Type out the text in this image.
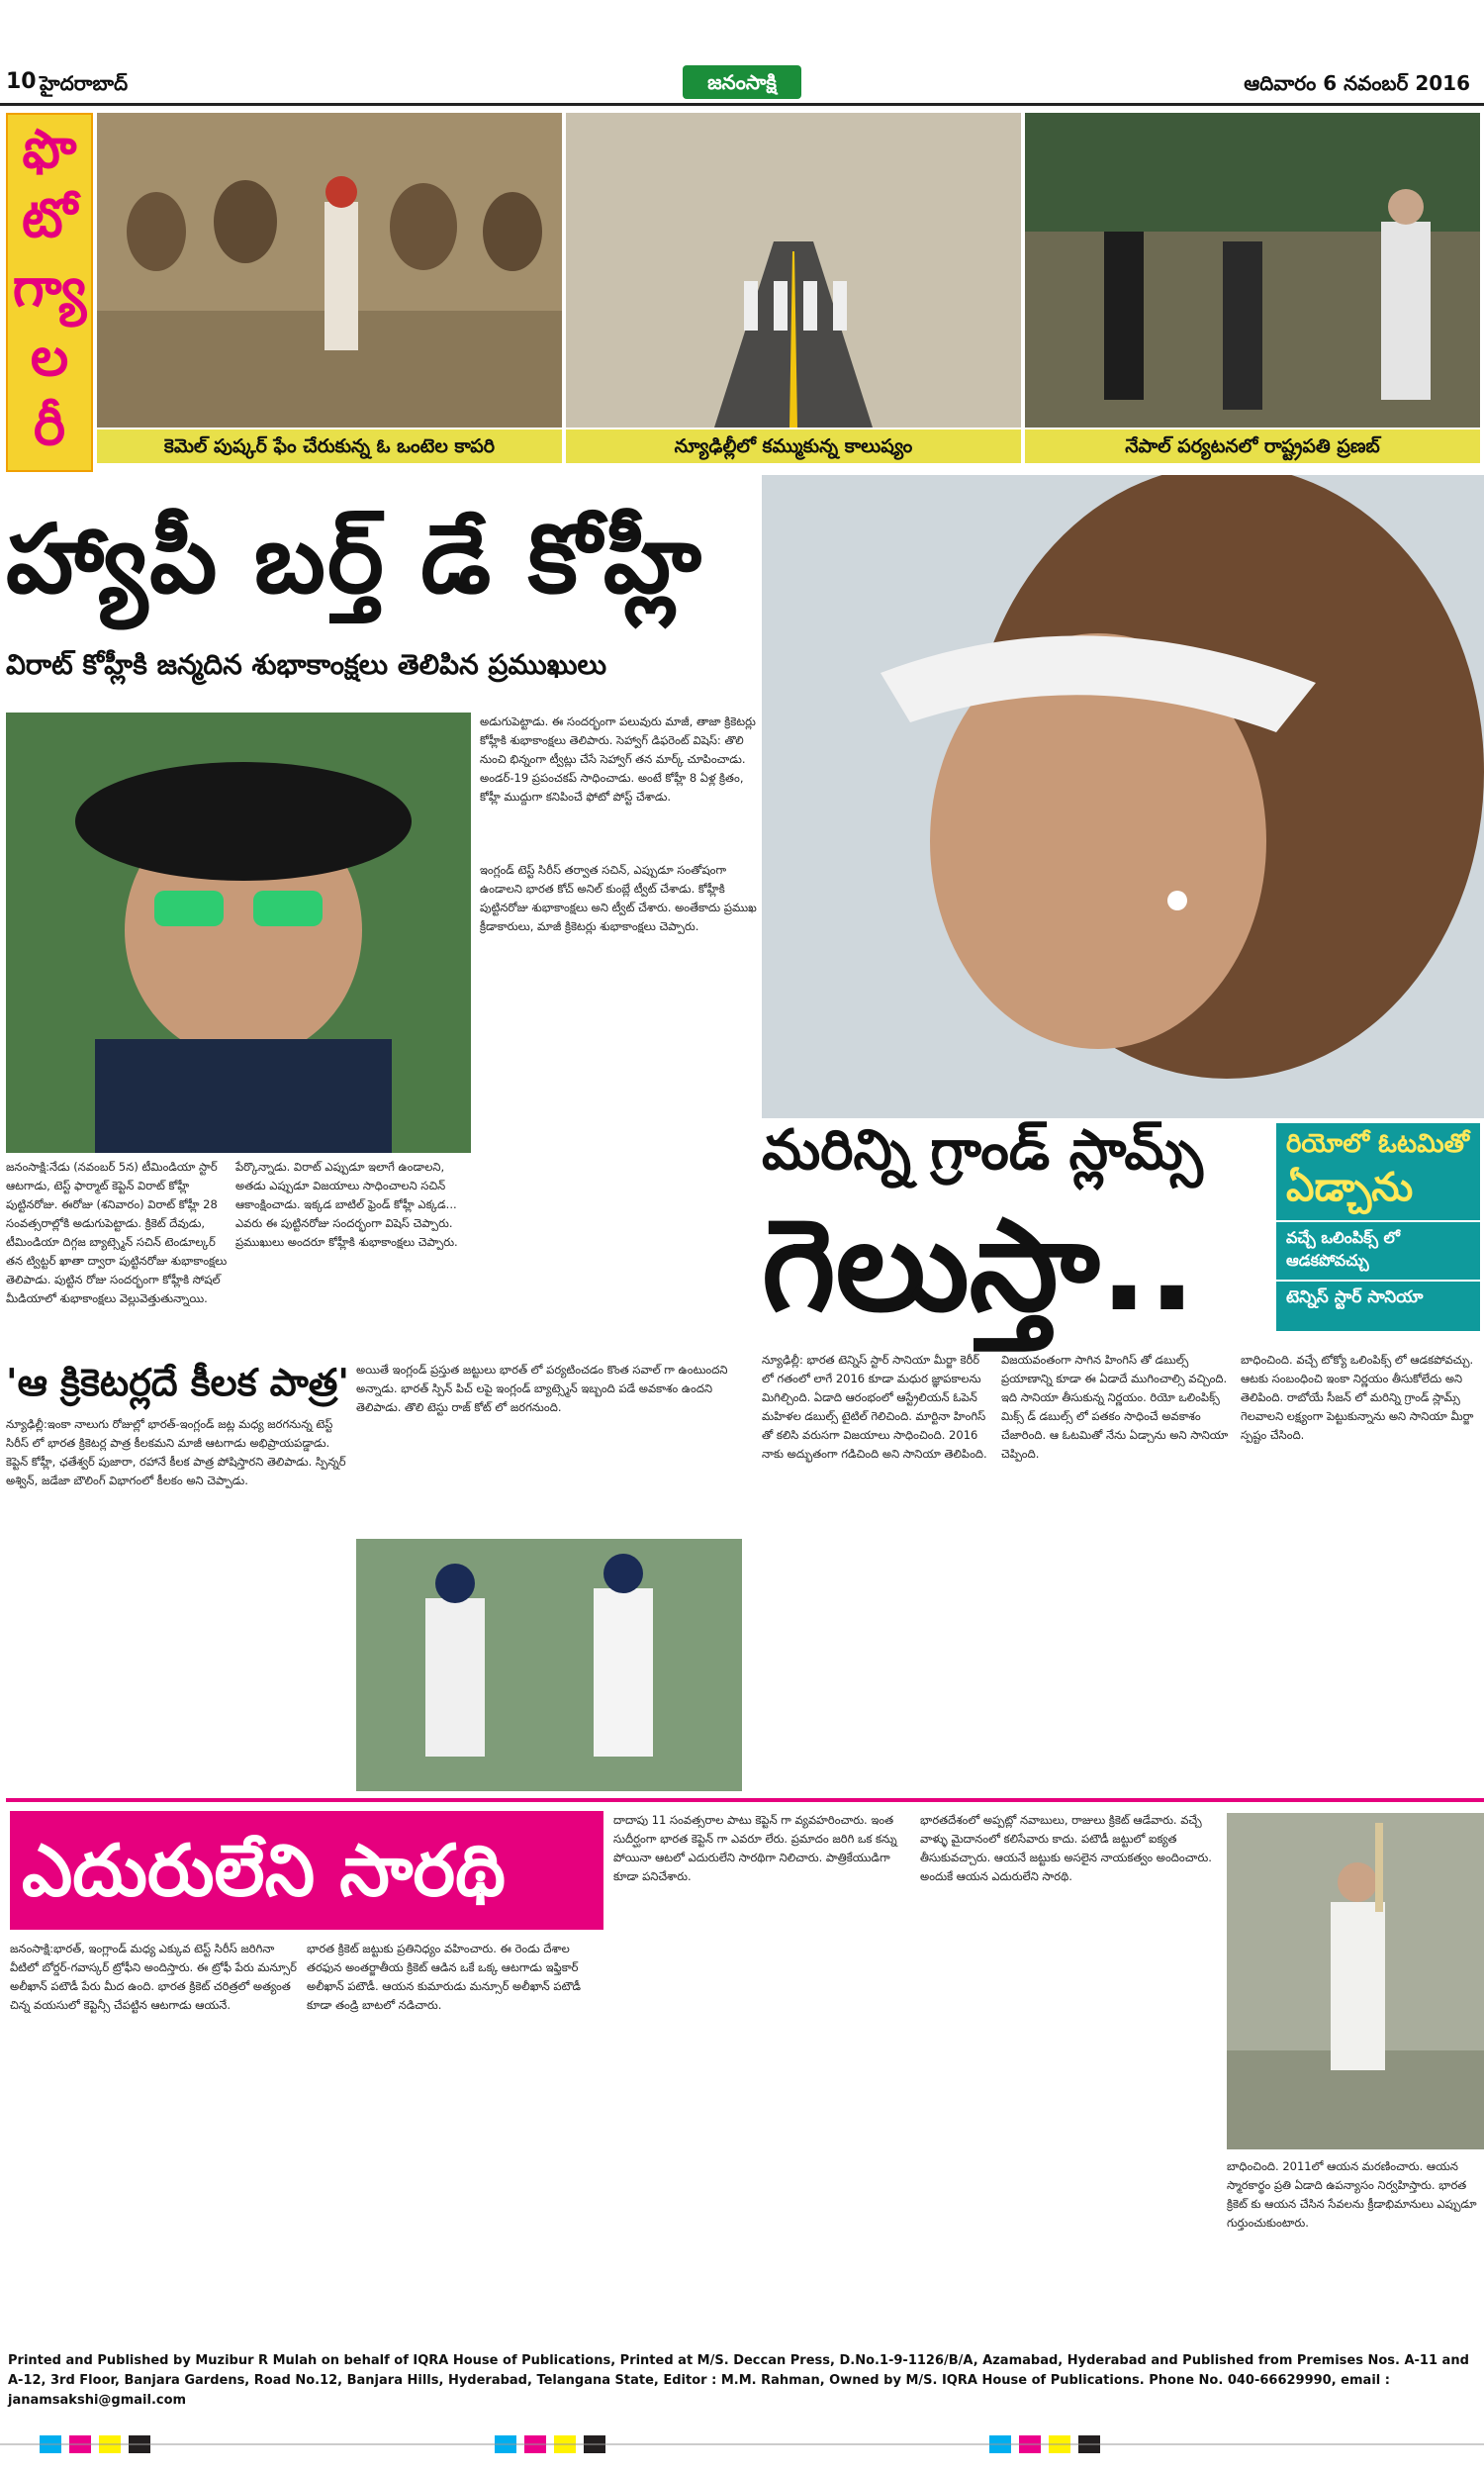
10 హైదరాబాద్	జనంసాక్షి	ఆదివారం 6 నవంబర్ 2016
ఫొ
టో
గ్యా
ల
రీ	కెమెల్ పుష్కర్ ఫేం చేరుకున్న ఓ ఒంటెల కాపరి	న్యూఢిల్లీలో కమ్ముకున్న కాలుష్యం	నేపాల్ పర్యటనలో రాష్ట్రపతి ప్రణబ్
హ్యాపీ బర్త్ డే కోహ్లీ
విరాట్ కోహ్లీకి జన్మదిన శుభాకాంక్షలు తెలిపిన ప్రముఖులు
అడుగుపెట్టాడు. ఈ సందర్భంగా పలువురు మాజీ, తాజా క్రికెటర్లు కోహ్లీకి శుభాకాంక్షలు తెలిపారు. సెహ్వాగ్ డిఫరెంట్ విషెస్: తొలి నుంచి భిన్నంగా ట్వీట్లు చేసే సెహ్వాగ్ తన మార్క్ చూపించాడు. అండర్-19 ప్రపంచకప్ సాధించాడు. అంటే కోహ్లీ 8 ఏళ్ల క్రితం, కోహ్లీ ముద్దుగా కనిపించే ఫోటో పోస్ట్ చేశాడు.
జనంసాక్షి:నేడు (నవంబర్ 5న) టీమిండియా స్టార్ ఆటగాడు, టెస్ట్ ఫార్మాట్ కెప్టెన్ విరాట్ కోహ్లీ పుట్టినరోజు. ఈరోజు (శనివారం) విరాట్ కోహ్లీ 28 సంవత్సరాల్లోకి అడుగుపెట్టాడు. క్రికెట్ దేవుడు, టీమిండియా దిగ్గజ బ్యాట్స్మెన్ సచిన్ టెండూల్కర్ తన ట్విట్టర్ ఖాతా ద్వారా పుట్టినరోజు శుభాకాంక్షలు తెలిపాడు. పుట్టిన రోజు సందర్భంగా కోహ్లీకి సోషల్ మీడియాలో శుభాకాంక్షలు వెల్లువెత్తుతున్నాయి.
పేర్కొన్నాడు. విరాట్ ఎప్పుడూ ఇలాగే ఉండాలని, అతడు ఎప్పుడూ విజయాలు సాధించాలని సచిన్ ఆకాంక్షించాడు. ఇక్కడ బాటిల్ ఫ్రెండ్ కోహ్లీ ఎక్కడ... ఎవరు ఈ పుట్టినరోజు సందర్భంగా విషెస్ చెప్పారు. ప్రముఖులు అందరూ కోహ్లీకి శుభాకాంక్షలు చెప్పారు.
ఇంగ్లండ్ టెస్ట్ సిరీస్ తర్వాత సచిన్, ఎప్పుడూ సంతోషంగా ఉండాలని భారత కోచ్ అనిల్ కుంబ్లే ట్వీట్ చేశాడు. కోహ్లీకి పుట్టినరోజు శుభాకాంక్షలు అని ట్వీట్ చేశారు. అంతేకాదు ప్రముఖ క్రీడాకారులు, మాజీ క్రికెటర్లు శుభాకాంక్షలు చెప్పారు.
మరిన్ని గ్రాండ్ స్లామ్స్
గెలుస్తా..
రియోలో ఓటమితో
ఏడ్చాను
వచ్చే ఒలింపిక్స్ లో ఆడకపోవచ్చు
టెన్నిస్ స్టార్ సానియా
న్యూఢిల్లీ: భారత టెన్నిస్ స్టార్ సానియా మీర్జా కెరీర్ లో గతంలో లాగే 2016 కూడా మధుర జ్ఞాపకాలను మిగిల్చింది. ఏడాది ఆరంభంలో ఆస్ట్రేలియన్ ఓపెన్ మహిళల డబుల్స్ టైటిల్ గెలిచింది. మార్టినా హింగిస్ తో కలిసి వరుసగా విజయాలు సాధించింది. 2016 నాకు అద్భుతంగా గడిచింది అని సానియా తెలిపింది.
విజయవంతంగా సాగిన హింగిస్ తో డబుల్స్ ప్రయాణాన్ని కూడా ఈ ఏడాదే ముగించాల్సి వచ్చింది. ఇది సానియా తీసుకున్న నిర్ణయం. రియో ఒలింపిక్స్ మిక్స్ డ్ డబుల్స్ లో పతకం సాధించే అవకాశం చేజారింది. ఆ ఓటమితో నేను ఏడ్చాను అని సానియా చెప్పింది.
బాధించింది. వచ్చే టోక్యో ఒలింపిక్స్ లో ఆడకపోవచ్చు. ఆటకు సంబంధించి ఇంకా నిర్ణయం తీసుకోలేదు అని తెలిపింది. రాబోయే సీజన్ లో మరిన్ని గ్రాండ్ స్లామ్స్ గెలవాలని లక్ష్యంగా పెట్టుకున్నాను అని సానియా మీర్జా స్పష్టం చేసింది.
'ఆ క్రికెటర్లదే కీలక పాత్ర'
న్యూఢిల్లీ:ఇంకా నాలుగు రోజుల్లో భారత్-ఇంగ్లండ్ జట్ల మధ్య జరగనున్న టెస్ట్ సిరీస్ లో భారత క్రికెటర్ల పాత్ర కీలకమని మాజీ ఆటగాడు అభిప్రాయపడ్డాడు. కెప్టెన్ కోహ్లీ, ఛతేశ్వర్ పుజారా, రహానే కీలక పాత్ర పోషిస్తారని తెలిపాడు. స్పిన్నర్ అశ్విన్, జడేజా బౌలింగ్ విభాగంలో కీలకం అని చెప్పాడు.
అయితే ఇంగ్లండ్ ప్రస్తుత జట్టులు భారత్ లో పర్యటించడం కొంత సవాల్ గా ఉంటుందని అన్నాడు. భారత్ స్పిన్ పిచ్ లపై ఇంగ్లండ్ బ్యాట్స్మెన్ ఇబ్బంది పడే అవకాశం ఉందని తెలిపాడు. తొలి టెస్టు రాజ్ కోట్ లో జరగనుంది.
ఎదురులేని సారథి
జనంసాక్షి:భారత్, ఇంగ్లాండ్ మధ్య ఎక్కువ టెస్ట్ సిరీస్ జరిగినా వీటిలో బోర్డర్-గవాస్కర్ ట్రోఫీని అందిస్తారు. ఈ ట్రోఫీ పేరు మన్సూర్ అలీఖాన్ పటౌడీ పేరు మీద ఉంది. భారత క్రికెట్ చరిత్రలో అత్యంత చిన్న వయసులో కెప్టెన్సీ చేపట్టిన ఆటగాడు ఆయనే.
భారత క్రికెట్ జట్టుకు ప్రతినిధ్యం వహించారు. ఈ రెండు దేశాల తరఫున అంతర్జాతీయ క్రికెట్ ఆడిన ఒకే ఒక్క ఆటగాడు ఇఫ్తికార్ అలీఖాన్ పటౌడీ. ఆయన కుమారుడు మన్సూర్ అలీఖాన్ పటౌడీ కూడా తండ్రి బాటలో నడిచారు.
దాదాపు 11 సంవత్సరాల పాటు కెప్టెన్ గా వ్యవహరించారు. ఇంత సుదీర్ఘంగా భారత కెప్టెన్ గా ఎవరూ లేరు. ప్రమాదం జరిగి ఒక కన్ను పోయినా ఆటలో ఎదురులేని సారథిగా నిలిచారు. పాత్రికేయుడిగా కూడా పనిచేశారు.
భారతదేశంలో అప్పట్లో నవాబులు, రాజులు క్రికెట్ ఆడేవారు. వచ్చే వాళ్ళు మైదానంలో కలిసేవారు కాదు. పటౌడీ జట్టులో ఐక్యత తీసుకువచ్చారు. ఆయనే జట్టుకు అసలైన నాయకత్వం అందించారు. అందుకే ఆయన ఎదురులేని సారథి.
బాధించింది. 2011లో ఆయన మరణించారు. ఆయన స్మారకార్థం ప్రతి ఏడాది ఉపన్యాసం నిర్వహిస్తారు. భారత క్రికెట్ కు ఆయన చేసిన సేవలను క్రీడాభిమానులు ఎప్పుడూ గుర్తుంచుకుంటారు.
Printed and Published by Muzibur R Mulah on behalf of IQRA House of Publications, Printed at M/S. Deccan Press, D.No.1-9-1126/B/A, Azamabad, Hyderabad and Published from Premises Nos. A-11 and A-12, 3rd Floor, Banjara Gardens, Road No.12, Banjara Hills, Hyderabad, Telangana State, Editor : M.M. Rahman, Owned by M/S. IQRA House of Publications. Phone No. 040-66629990, email : janamsakshi@gmail.com
